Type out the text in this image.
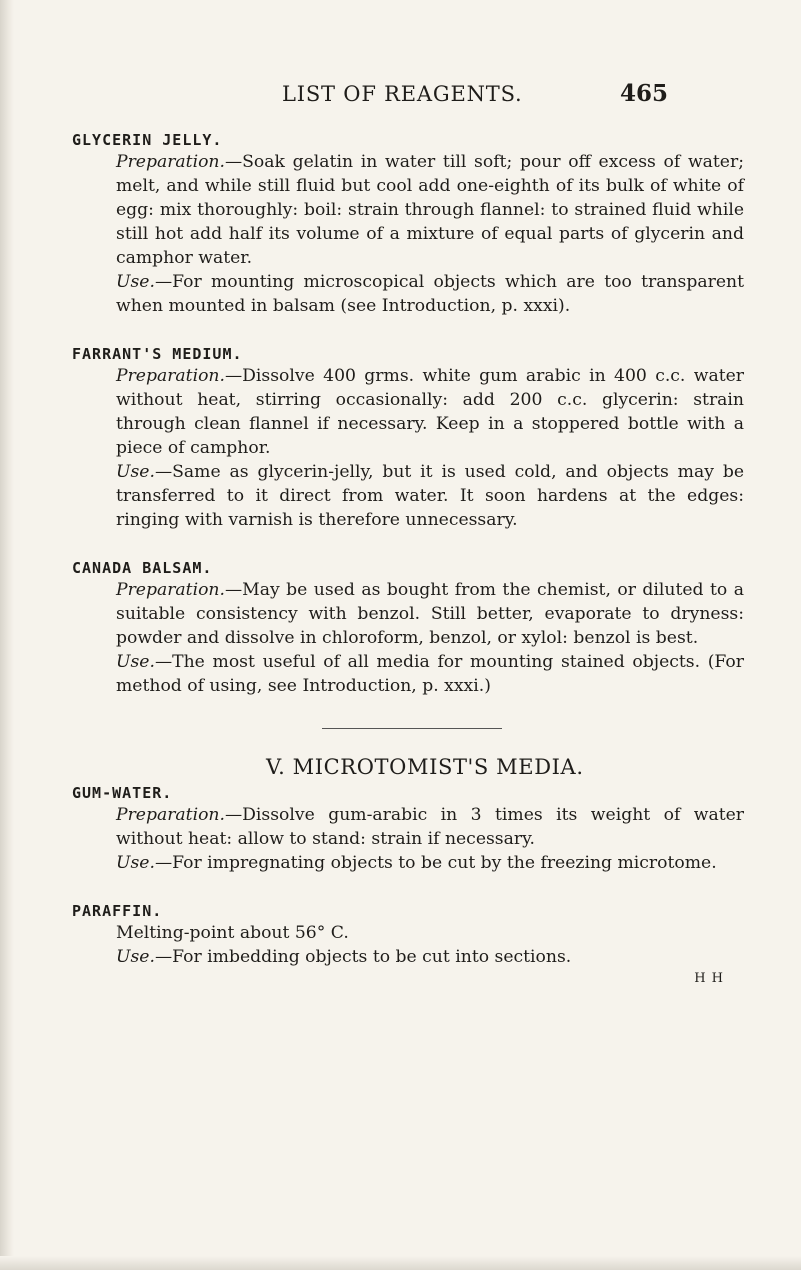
LIST OF REAGENTS.	465

GLYCERIN JELLY.

Preparation.—Soak gelatin in water till soft; pour off excess of water; melt, and while still fluid but cool add one-eighth of its bulk of white of egg: mix thoroughly: boil: strain through flannel: to strained fluid while still hot add half its volume of a mixture of equal parts of glycerin and camphor water.

Use.—For mounting microscopical objects which are too transparent when mounted in balsam (see Introduction, p. xxxi).

FARRANT'S MEDIUM.

Preparation.—Dissolve 400 grms. white gum arabic in 400 c.c. water without heat, stirring occasionally: add 200 c.c. glycerin: strain through clean flannel if necessary. Keep in a stoppered bottle with a piece of camphor.

Use.—Same as glycerin-jelly, but it is used cold, and objects may be transferred to it direct from water. It soon hardens at the edges: ringing with varnish is therefore unnecessary.

CANADA BALSAM.

Preparation.—May be used as bought from the chemist, or diluted to a suitable consistency with benzol. Still better, evaporate to dryness: powder and dissolve in chloroform, benzol, or xylol: benzol is best.

Use.—The most useful of all media for mounting stained objects. (For method of using, see Introduction, p. xxxi.)

V. MICROTOMIST'S MEDIA.

GUM-WATER.

Preparation.—Dissolve gum-arabic in 3 times its weight of water without heat: allow to stand: strain if necessary.

Use.—For impregnating objects to be cut by the freezing microtome.

PARAFFIN.

Melting-point about 56° C.

Use.—For imbedding objects to be cut into sections.

H H
